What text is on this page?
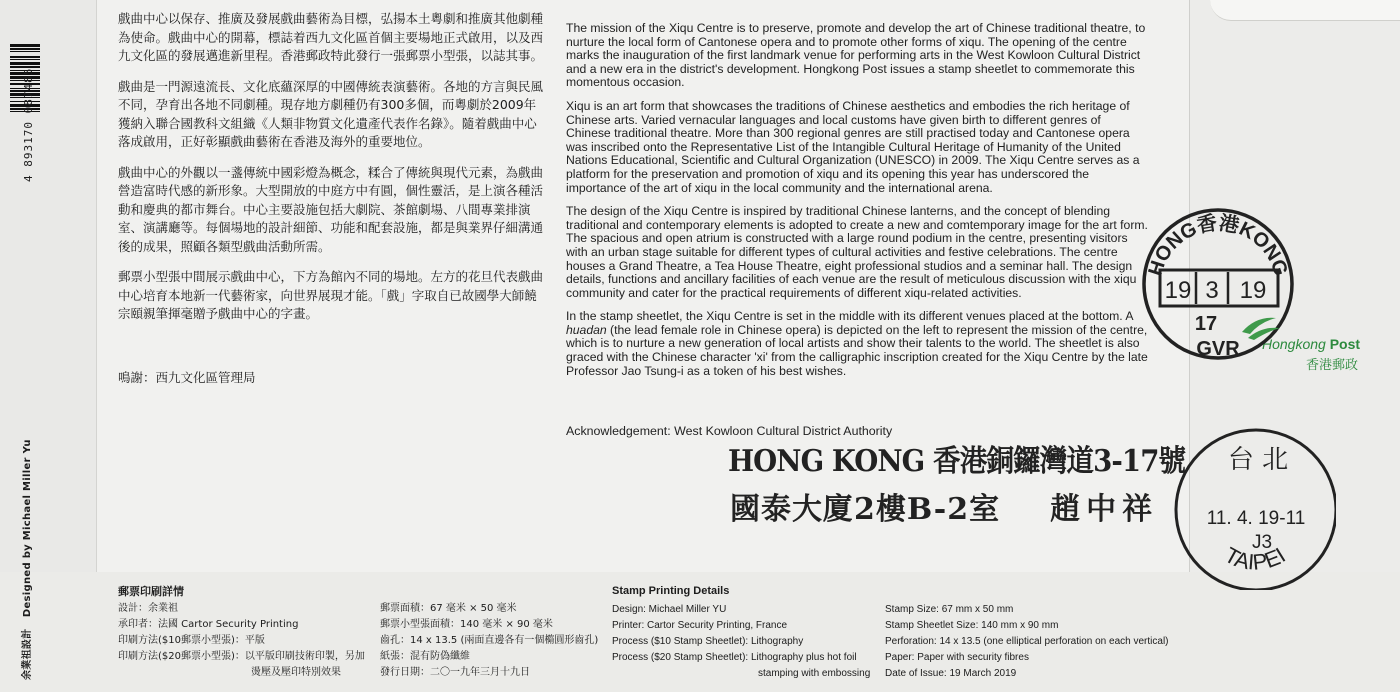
4 893170 087485
余業祖設計   Designed by Michael Miller Yu

戲曲中心以保存、推廣及發展戲曲藝術為目標，弘揚本土粵劇和推廣其他劇種為使命。戲曲中心的開幕，標誌着西九文化區首個主要場地正式啟用，以及西九文化區的發展邁進新里程。香港郵政特此發行一張郵票小型張，以誌其事。

戲曲是一門源遠流長、文化底蘊深厚的中國傳統表演藝術。各地的方言與民風不同，孕育出各地不同劇種。現存地方劇種仍有300多個，而粵劇於2009年獲納入聯合國教科文組織《人類非物質文化遺產代表作名錄》。隨着戲曲中心落成啟用，正好彰顯戲曲藝術在香港及海外的重要地位。

戲曲中心的外觀以一盞傳統中國彩燈為概念，糅合了傳統與現代元素，為戲曲營造富時代感的新形象。大型開放的中庭方中有圓，個性靈活，是上演各種活動和慶典的都市舞台。中心主要設施包括大劇院、茶館劇場、八間專業排演室、演講廳等。每個場地的設計細節、功能和配套設施，都是與業界仔細溝通後的成果，照顧各類型戲曲活動所需。

郵票小型張中間展示戲曲中心，下方為館內不同的場地。左方的花旦代表戲曲中心培育本地新一代藝術家，向世界展現才能。「戲」字取自已故國學大師饒宗頤親筆揮毫贈予戲曲中心的字畫。

鳴謝：西九文化區管理局

The mission of the Xiqu Centre is to preserve, promote and develop the art of Chinese traditional theatre, to nurture the local form of Cantonese opera and to promote other forms of xiqu. The opening of the centre marks the inauguration of the first landmark venue for performing arts in the West Kowloon Cultural District and a new era in the district's development. Hongkong Post issues a stamp sheetlet to commemorate this momentous occasion.

Xiqu is an art form that showcases the traditions of Chinese aesthetics and embodies the rich heritage of Chinese arts. Varied vernacular languages and local customs have given birth to different genres of Chinese traditional theatre. More than 300 regional genres are still practised today and Cantonese opera was inscribed onto the Representative List of the Intangible Cultural Heritage of Humanity of the United Nations Educational, Scientific and Cultural Organization (UNESCO) in 2009. The Xiqu Centre serves as a platform for the preservation and promotion of xiqu and its opening this year has underscored the importance of the art of xiqu in the local community and the international arena.

The design of the Xiqu Centre is inspired by traditional Chinese lanterns, and the concept of blending traditional and contemporary elements is adopted to create a new and comtemporary image for the art form. The spacious and open atrium is constructed with a large round podium in the centre, presenting visitors with an urban stage suitable for different types of cultural activities and festive celebrations. The centre houses a Grand Theatre, a Tea House Theatre, eight professional studios and a seminar hall. The design details, functions and ancillary facilities of each venue are the result of meticulous discussion with the xiqu community and cater for the practical requirements of different xiqu-related activities.

In the stamp sheetlet, the Xiqu Centre is set in the middle with its different venues placed at the bottom. A huadan (the lead female role in Chinese opera) is depicted on the left to represent the mission of the centre, which is to nurture a new generation of local artists and show their talents to the world. The sheetlet is also graced with the Chinese character 'xi' from the calligraphic inscription created for the Xiqu Centre by the late Professor Jao Tsung-i as a token of his best wishes.

Acknowledgement: West Kowloon Cultural District Authority
HONG KONG 香港銅鑼灣道3-17號
國泰大廈2樓B-2室 趙中祥
Hongkong Post
香港郵政
HONG香港KONG
19 3 19
17
GVR
台 北
11. 4. 19-11
J3
TAIPEI
郵票印刷詳情
設計：余業祖
承印者：法國 Cartor Security Printing
印刷方法($10郵票小型張)：平版
印刷方法($20郵票小型張)：以平版印刷技術印製，另加
燙壓及壓印特別效果
郵票面積：67 毫米 × 50 毫米
郵票小型張面積：140 毫米 × 90 毫米
齒孔：14 x 13.5 (兩面直邊各有一個橢圓形齒孔)
紙張：混有防偽纖維
發行日期：二〇一九年三月十九日
Stamp Printing Details
Design: Michael Miller YU
Printer: Cartor Security Printing, France
Process ($10 Stamp Sheetlet): Lithography
Process ($20 Stamp Sheetlet): Lithography plus hot foil
stamping with embossing
Stamp Size: 67 mm x 50 mm
Stamp Sheetlet Size: 140 mm x 90 mm
Perforation: 14 x 13.5 (one elliptical perforation on each vertical)
Paper: Paper with security fibres
Date of Issue: 19 March 2019
